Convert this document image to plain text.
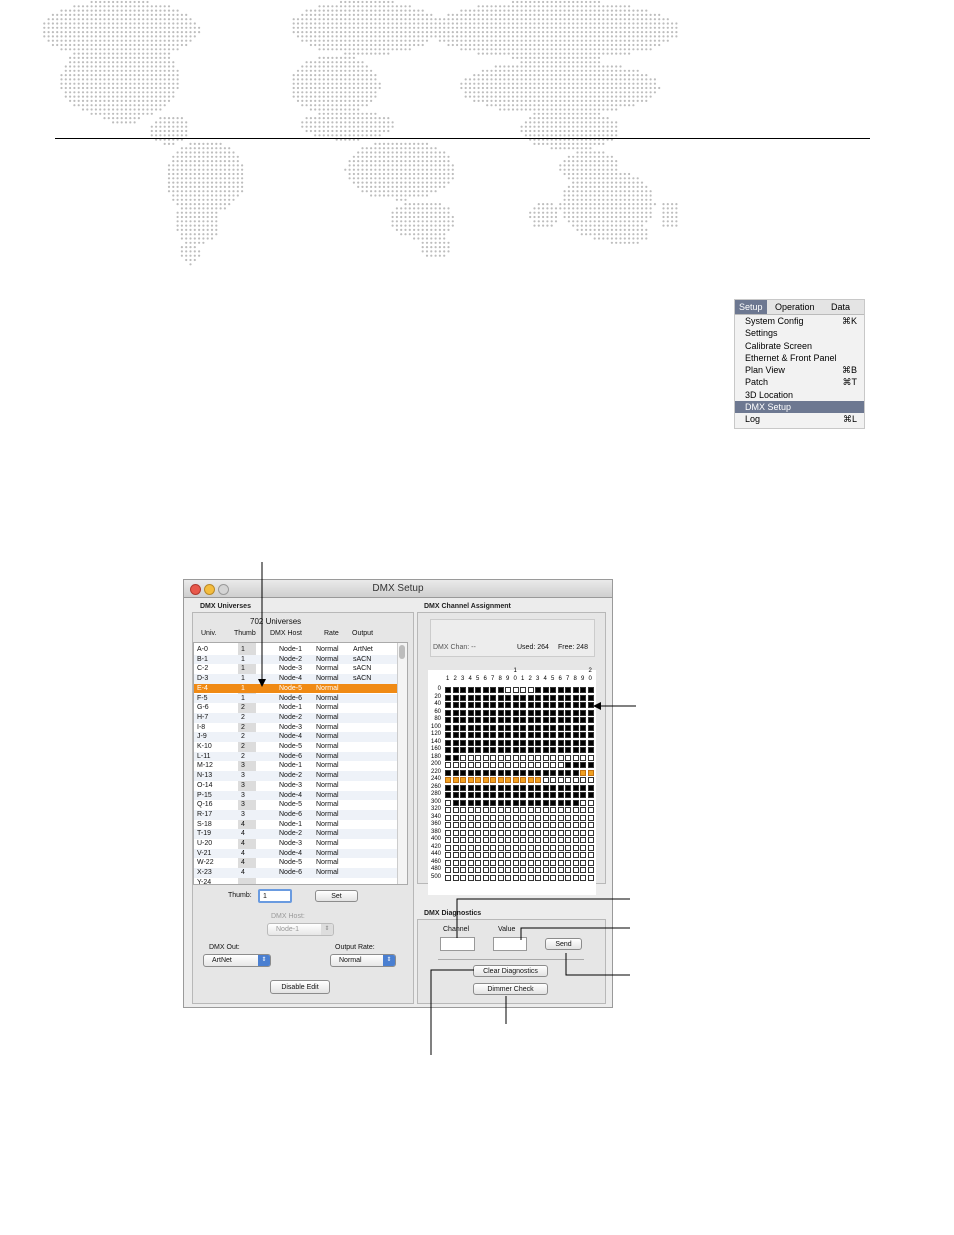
Setup	Operation Data
System Config	⌘K
Settings
Calibrate Screen
Ethernet & Front Panel
Plan View	⌘B
Patch	⌘T
3D Location
DMX Setup
Log	⌘L
DMX Setup
DMX Universes
702 Universes
Univ.	Thumb DMX Host	Rate Output
A-0	1	Node-1 Normal ArtNet
B-1	1	Node-2 Normal sACN
C-2	1	Node-3 Normal sACN
D-3	1	Node-4 Normal sACN
E-4	1	Node-5 Normal
F-5	1	Node-6 Normal
G-6	2	Node-1 Normal
H-7	2	Node-2 Normal
I-8	2	Node-3 Normal
J-9	2	Node-4 Normal
K-10	2	Node-5 Normal
L-11	2	Node-6 Normal
M-12	3	Node-1 Normal
N-13	3	Node-2 Normal
O-14	3	Node-3 Normal
P-15	3	Node-4 Normal
Q-16	3	Node-5 Normal
R-17	3	Node-6 Normal
S-18	4	Node-1 Normal
T-19	4	Node-2 Normal
U-20	4	Node-3 Normal
V-21	4	Node-4 Normal
W-22	4	Node-5 Normal
X-23	4	Node-6 Normal
Y-24
Thumb:	1	Set
DMX Host:
Node-1	⇕
DMX Out:
ArtNet	⇕
Output Rate:
Normal	⇕
Disable Edit
DMX Channel Assignment
DMX Chan: --	Used: 264 Free: 248
1	2
1 2 3 4 5 6 7 8 9 0 1 2 3 4 5 6 7 8 9 0
0
20
40
60
80
100
120
140
160
180
200
220
240
260
280
300
320
340
360
380
400
420
440
460
480
500
DMX Diagnostics
Channel	Value
Send
Clear Diagnostics
Dimmer Check
